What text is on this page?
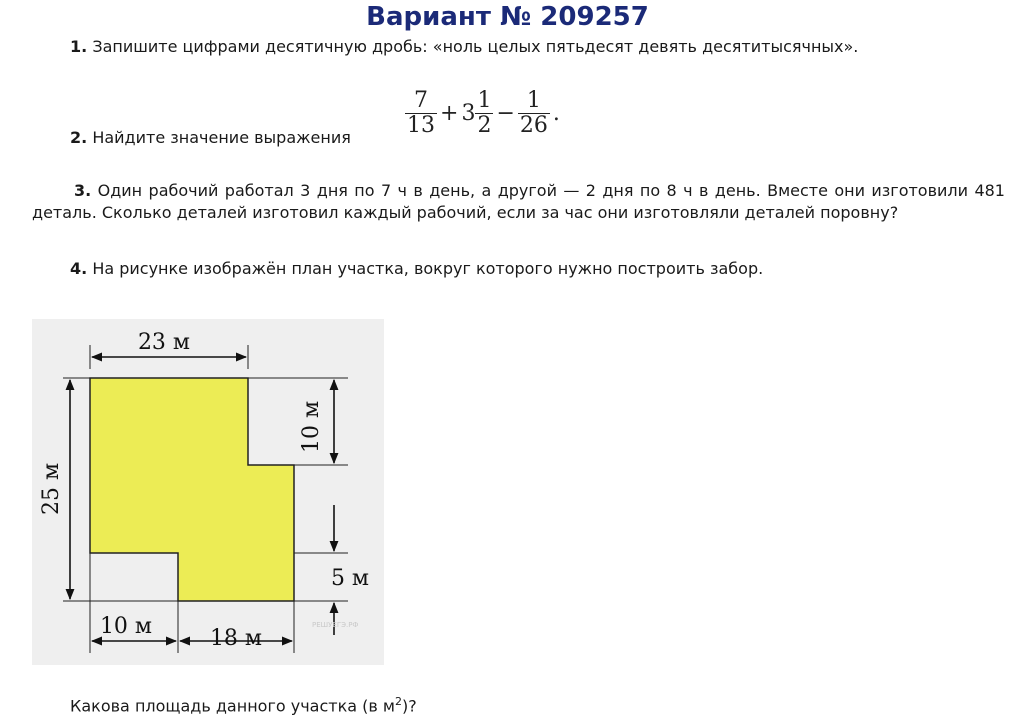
Вариант № 209257
1. Запишите цифрами десятичную дробь: «ноль целых пятьдесят девять десятитысячных».
2. Найдите значение выражения $\frac{7}{13} + 3 \frac{1}{2} - \frac{1}{26}$ .
3. Один рабочий работал 3 дня по 7 ч в день, а другой — 2 дня по 8 ч в день. Вместе они изготовили 481 деталь. Сколько деталей изготовил каждый рабочий, если за час они изготовляли деталей поровну?
4. На рисунке изображён план участка, вокруг которого нужно построить забор.
23 м
25 м
10 м
5 м
10 м	18 м
РЕШУЕГЭ.РФ
Какова площадь данного участка (в $м^2$)?
